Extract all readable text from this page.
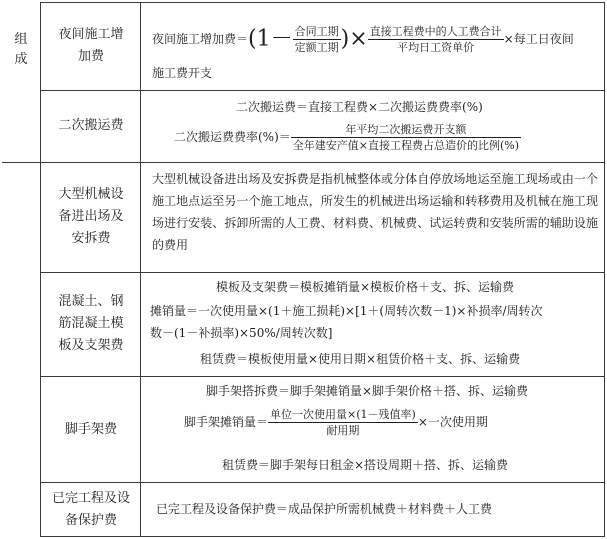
组成
夜间施工增加费
夜间施工增加费$=(1- \frac{\text{合同工期}}{\text{定额工期}}$ )× $\frac{\text{直接工程费中的人工费合计}}{\text{平均日工资单价}}$ ×每工日夜间
施工费开支
二次搬运费
二次搬运费＝直接工程费×二次搬运费费率(%)
二次搬运费费率(%)＝ $\frac{\text{年平均二次搬运费开支额}}{\text{全年建安产值×直接工程费占总造价的比例(\%)}}$
大型机械设备进出场及安拆费
大型机械设备进出场及安拆费是指机械整体或分体自停放场地运至施工现场或由一个施工地点运至另一个施工地点，所发生的机械进出场运输和转移费用及机械在施工现场进行安装、拆卸所需的人工费、材料费、机械费、试运转费和安装所需的辅助设施的费用
混凝土、钢筋混凝土模板及支架费
模板及支架费＝模板摊销量×模板价格＋支、拆、运输费
摊销量＝一次使用量×(1＋施工损耗)×[1＋(周转次数－1)×补损率/周转次
数－(1－补损率)×50%/周转次数]
租赁费＝模板使用量×使用日期×租赁价格＋支、拆、运输费
脚手架费
脚手架搭拆费＝脚手架摊销量×脚手架价格＋搭、拆、运输费
脚手架摊销量＝ $\frac{\text{单位一次使用量×(1－残值率)}}{\text{耐用期}}$ ×一次使用期
租赁费＝脚手架每日租金×搭设周期＋搭、拆、运输费
已完工程及设备保护费
已完工程及设备保护费＝成品保护所需机械费＋材料费＋人工费
